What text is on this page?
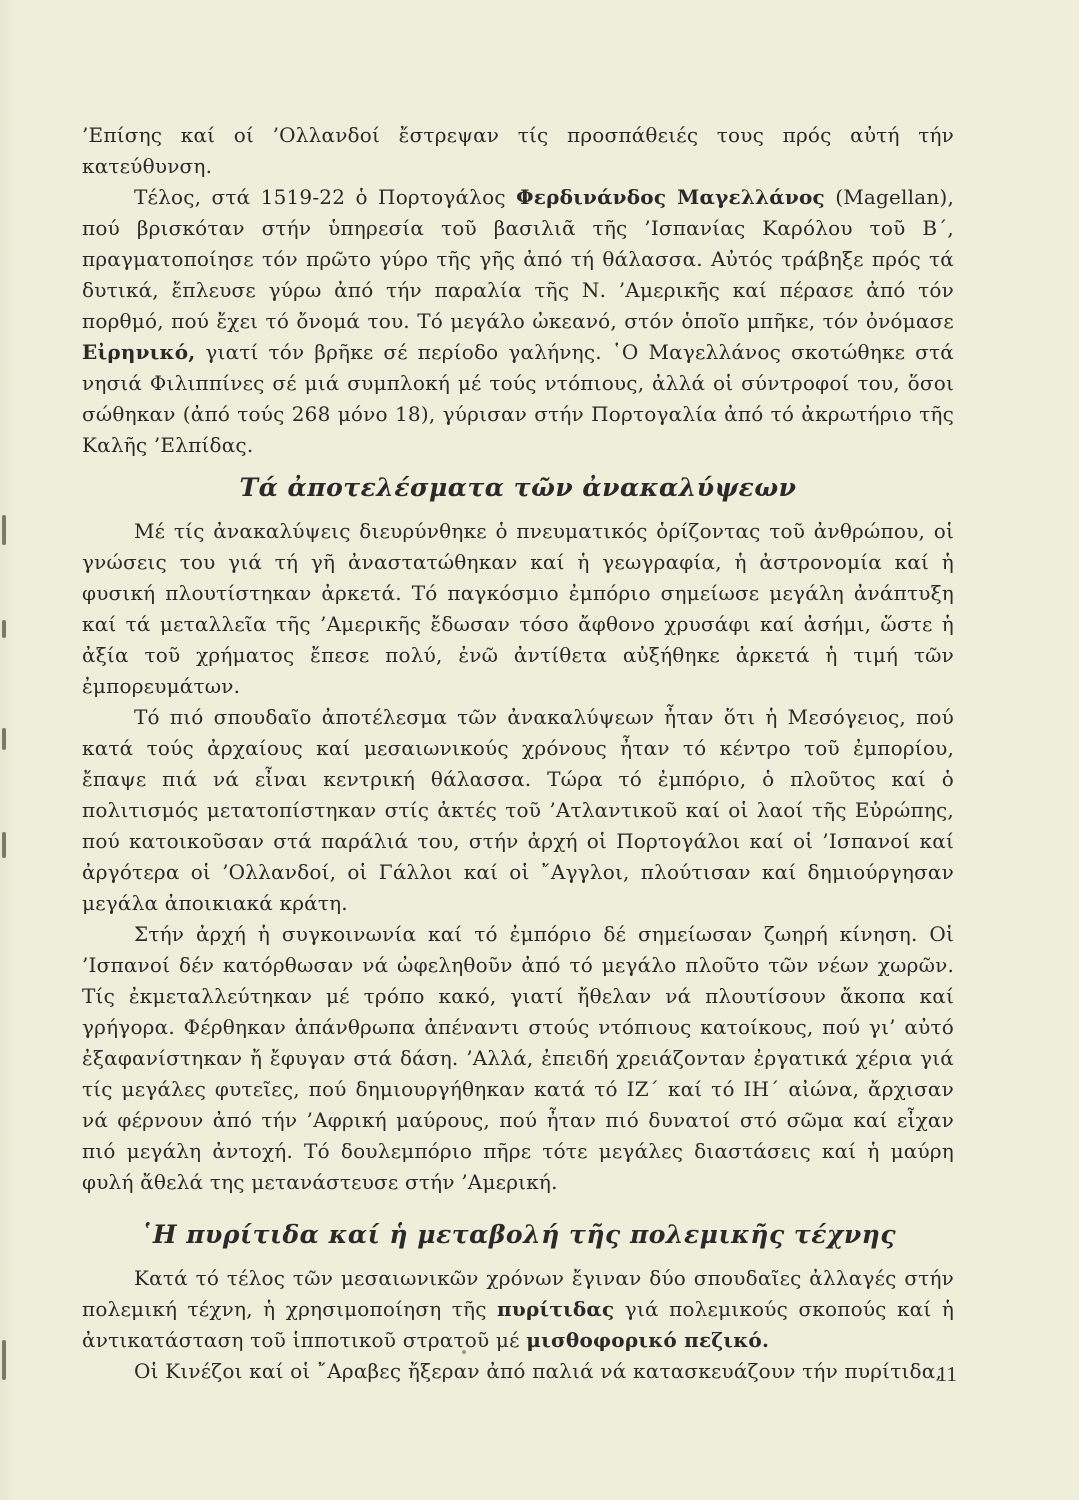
’Επίσης καί οί ’Ολλανδοί ἔστρεψαν τίς προσπάθειές τους πρός αὐτή τήν κατεύθυνση.

Τέλος, στά 1519-22 ὁ Πορτογάλος Φερδινάνδος Μαγελλάνος (Magellan), πού βρισκόταν στήν ὑπηρεσία τοῦ βασιλιᾶ τῆς ’Ισπανίας Καρόλου τοῦ Β΄, πραγματοποίησε τόν πρῶτο γύρο τῆς γῆς ἀπό τή θάλασσα. Αὐτός τράβηξε πρός τά δυτικά, ἔπλευσε γύρω ἀπό τήν παραλία τῆς Ν. ’Αμερικῆς καί πέρασε ἀπό τόν πορθμό, πού ἔχει τό ὄνομά του. Τό μεγάλο ὠκεανό, στόν ὁποῖο μπῆκε, τόν ὀνόμασε Εἰρηνικό, γιατί τόν βρῆκε σέ περίοδο γαλήνης. ῾Ο Μαγελλάνος σκοτώθηκε στά νησιά Φιλιππίνες σέ μιά συμπλοκή μέ τούς ντόπιους, ἀλλά οἱ σύντροφοί του, ὅσοι σώθηκαν (ἀπό τούς 268 μόνο 18), γύρισαν στήν Πορτογαλία ἀπό τό ἀκρωτήριο τῆς Καλῆς ’Ελπίδας.

Τά ἀποτελέσματα τῶν ἀνακαλύψεων

Μέ τίς ἀνακαλύψεις διευρύνθηκε ὁ πνευματικός ὁρίζοντας τοῦ ἀνθρώπου, οἱ γνώσεις του γιά τή γῆ ἀναστατώθηκαν καί ἡ γεωγραφία, ἡ ἀστρονομία καί ἡ φυσική πλουτίστηκαν ἀρκετά. Τό παγκόσμιο ἐμπόριο σημείωσε μεγάλη ἀνάπτυξη καί τά μεταλλεῖα τῆς ’Αμερικῆς ἔδωσαν τόσο ἄφθονο χρυσάφι καί ἀσήμι, ὥστε ἡ ἀξία τοῦ χρήματος ἔπεσε πολύ, ἐνῶ ἀντίθετα αὐξήθηκε ἀρκετά ἡ τιμή τῶν ἐμπορευμάτων.

Τό πιό σπουδαῖο ἀποτέλεσμα τῶν ἀνακαλύψεων ἦταν ὅτι ἡ Μεσόγειος, πού κατά τούς ἀρχαίους καί μεσαιωνικούς χρόνους ἦταν τό κέντρο τοῦ ἐμπορίου, ἔπαψε πιά νά εἶναι κεντρική θάλασσα. Τώρα τό ἐμπόριο, ὁ πλοῦτος καί ὁ πολιτισμός μετατοπίστηκαν στίς ἀκτές τοῦ ’Ατλαντικοῦ καί οἱ λαοί τῆς Εὐρώπης, πού κατοικοῦσαν στά παράλιά του, στήν ἀρχή οἱ Πορτογάλοι καί οἱ ’Ισπανοί καί ἀργότερα οἱ ’Ολλανδοί, οἱ Γάλλοι καί οἱ ῎Αγγλοι, πλούτισαν καί δημιούργησαν μεγάλα ἀποικιακά κράτη.

Στήν ἀρχή ἡ συγκοινωνία καί τό ἐμπόριο δέ σημείωσαν ζωηρή κίνηση. Οἱ ’Ισπανοί δέν κατόρθωσαν νά ὠφεληθοῦν ἀπό τό μεγάλο πλοῦτο τῶν νέων χωρῶν. Τίς ἐκμεταλλεύτηκαν μέ τρόπο κακό, γιατί ἤθελαν νά πλουτίσουν ἄκοπα καί γρήγορα. Φέρθηκαν ἀπάνθρωπα ἀπέναντι στούς ντόπιους κατοίκους, πού γι’ αὐτό ἐξαφανίστηκαν ἤ ἔφυγαν στά δάση. ’Αλλά, ἐπειδή χρειάζονταν ἐργατικά χέρια γιά τίς μεγάλες φυτεῖες, πού δημιουργήθηκαν κατά τό ΙΖ΄ καί τό ΙΗ΄ αἰώνα, ἄρχισαν νά φέρνουν ἀπό τήν ’Αφρική μαύρους, πού ἦταν πιό δυνατοί στό σῶμα καί εἶχαν πιό μεγάλη ἀντοχή. Τό δουλεμπόριο πῆρε τότε μεγάλες διαστάσεις καί ἡ μαύρη φυλή ἄθελά της μετανάστευσε στήν ’Αμερική.

῾Η πυρίτιδα καί ἡ μεταβολή τῆς πολεμικῆς τέχνης

Κατά τό τέλος τῶν μεσαιωνικῶν χρόνων ἔγιναν δύο σπουδαῖες ἀλλαγές στήν πολεμική τέχνη, ἡ χρησιμοποίηση τῆς πυρίτιδας γιά πολεμικούς σκοπούς καί ἡ ἀντικατάσταση τοῦ ἱπποτικοῦ στρατοῦ μέ μισθοφορικό πεζικό.

Οἱ Κινέζοι καί οἱ ῎Αραβες ἤξεραν ἀπό παλιά νά κατασκευάζουν τήν πυρίτιδα,

11
